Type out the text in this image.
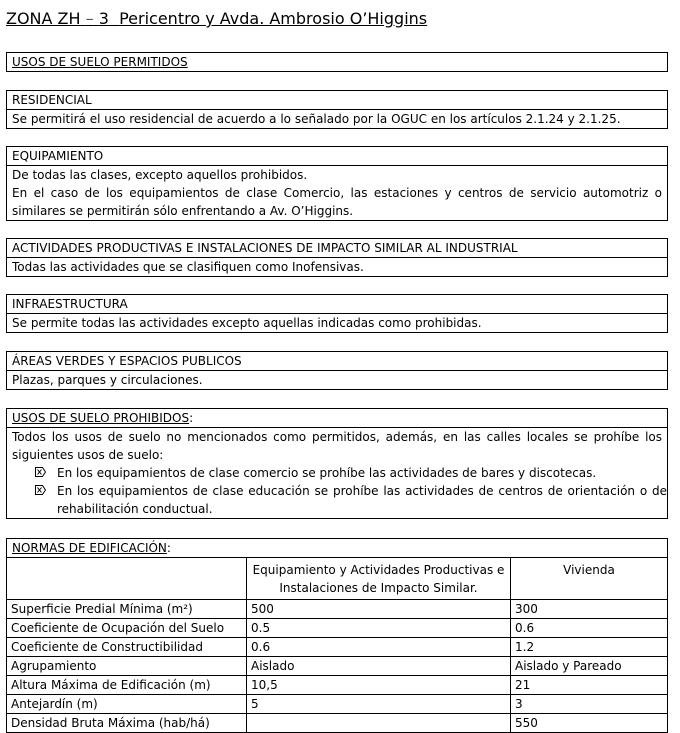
ZONA ZH – 3 Pericentro y Avda. Ambrosio O’Higgins
USOS DE SUELO PERMITIDOS
RESIDENCIAL
Se permitirá el uso residencial de acuerdo a lo señalado por la OGUC en los artículos 2.1.24 y 2.1.25.
EQUIPAMIENTO
De todas las clases, excepto aquellos prohibidos.
En el caso de los equipamientos de clase Comercio, las estaciones y centros de servicio automotriz o similares se permitirán sólo enfrentando a Av. O’Higgins.
ACTIVIDADES PRODUCTIVAS E INSTALACIONES DE IMPACTO SIMILAR AL INDUSTRIAL
Todas las actividades que se clasifiquen como Inofensivas.
INFRAESTRUCTURA
Se permite todas las actividades excepto aquellas indicadas como prohibidas.
ÁREAS VERDES Y ESPACIOS PUBLICOS
Plazas, parques y circulaciones.
USOS DE SUELO PROHIBIDOS:
Todos los usos de suelo no mencionados como permitidos, además, en las calles locales se prohíbe los siguientes usos de suelo:
En los equipamientos de clase comercio se prohíbe las actividades de bares y discotecas.
En los equipamientos de clase educación se prohíbe las actividades de centros de orientación o de rehabilitación conductual.
NORMAS DE EDIFICACIÓN:
	Equipamiento y Actividades Productivas e Instalaciones de Impacto Similar.	Vivienda
Superficie Predial Mínima (m²)	500	300
Coeficiente de Ocupación del Suelo	0.5	0.6
Coeficiente de Constructibilidad	0.6	1.2
Agrupamiento	Aislado	Aislado y Pareado
Altura Máxima de Edificación (m)	10,5	21
Antejardín (m)	5	3
Densidad Bruta Máxima (hab/há)		550
